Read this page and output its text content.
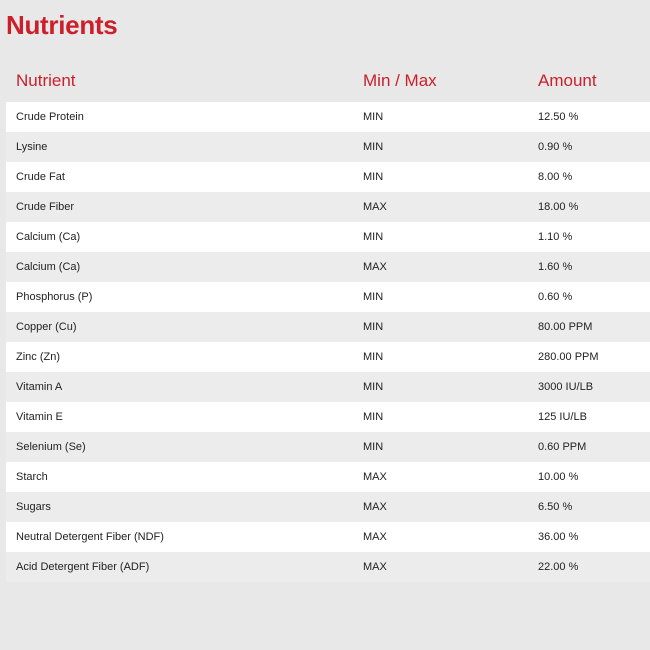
Nutrients
Nutrient	Min / Max	Amount
Crude Protein	MIN	12.50 %
Lysine	MIN	0.90 %
Crude Fat	MIN	8.00 %
Crude Fiber	MAX	18.00 %
Calcium (Ca)	MIN	1.10 %
Calcium (Ca)	MAX	1.60 %
Phosphorus (P)	MIN	0.60 %
Copper (Cu)	MIN	80.00 PPM
Zinc (Zn)	MIN	280.00 PPM
Vitamin A	MIN	3000 IU/LB
Vitamin E	MIN	125 IU/LB
Selenium (Se)	MIN	0.60 PPM
Starch	MAX	10.00 %
Sugars	MAX	6.50 %
Neutral Detergent Fiber (NDF)	MAX	36.00 %
Acid Detergent Fiber (ADF)	MAX	22.00 %
